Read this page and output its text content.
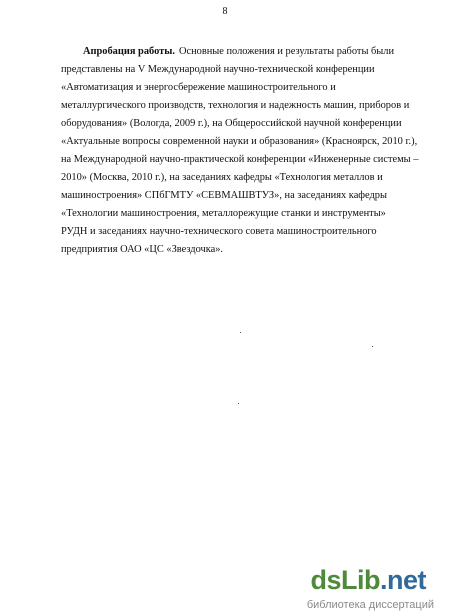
8
Апробация работы. Основные положения и результаты работы были
представлены на V Международной научно-технической конференции
«Автоматизация и энергосбережение машиностроительного и
металлургического производств, технология и надежность машин, приборов и
оборудования» (Вологда, 2009 г.), на Общероссийской научной конференции
«Актуальные вопросы современной науки и образования» (Красноярск, 2010 г.),
на Международной научно-практической конференции «Инженерные системы –
2010» (Москва, 2010 г.), на заседаниях кафедры «Технология металлов и
машиностроения» СПбГМТУ «СЕВМАШВТУЗ», на заседаниях кафедры
«Технологии машиностроения, металлорежущие станки и инструменты»
РУДН и заседаниях научно-технического совета машиностроительного
предприятия ОАО «ЦС «Звездочка».
dsLib.net
библиотека диссертаций
